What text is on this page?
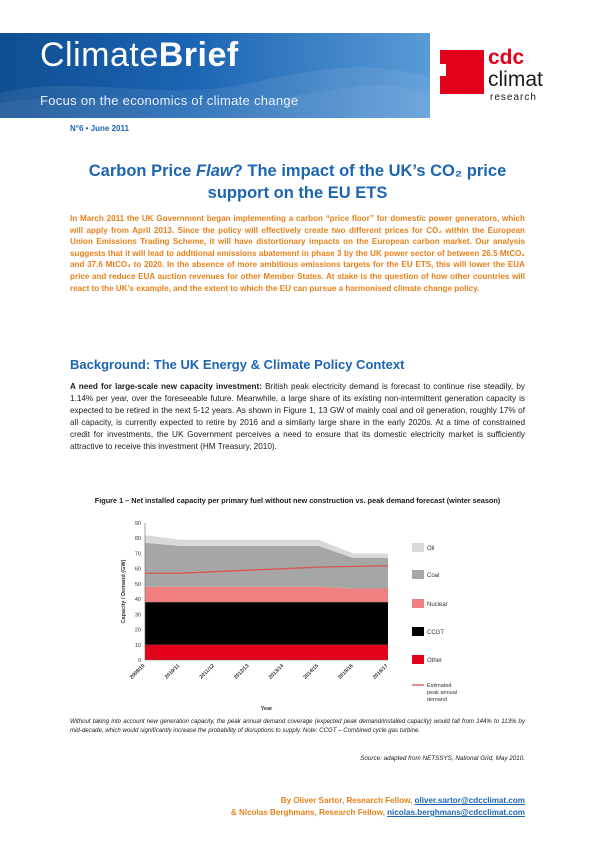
ClimateBrief
Focus on the economics of climate change
cdc
climat
research
N°6 • June 2011
Carbon Price Flaw? The impact of the UK’s CO₂ price support on the EU ETS
In March 2011 the UK Government began implementing a carbon “price floor” for domestic power generators, which will apply from April 2013. Since the policy will effectively create two different prices for CO₂ within the European Union Emissions Trading Scheme, it will have distortionary impacts on the European carbon market. Our analysis suggests that it will lead to additional emissions abatement in phase 3 by the UK power sector of between 26.5 MtCO₂ and 37.6 MtCO₂ to 2020. In the absence of more ambitious emissions targets for the EU ETS, this will lower the EUA price and reduce EUA auction revenues for other Member States. At stake is the question of how other countries will react to the UK’s example, and the extent to which the EU can pursue a harmonised climate change policy.
Background: The UK Energy & Climate Policy Context
A need for large-scale new capacity investment: British peak electricity demand is forecast to continue rise steadily, by 1.14% per year, over the foreseeable future. Meanwhile, a large share of its existing non-intermittent generation capacity is expected to be retired in the next 5-12 years. As shown in Figure 1, 13 GW of mainly coal and oil generation, roughly 17% of all capacity, is currently expected to retire by 2016 and a similarly large share in the early 2020s. At a time of constrained credit for investments, the UK Government perceives a need to ensure that its domestic electricity market is sufficiently attractive to receive this investment (HM Treasury, 2010).
Figure 1 – Net installed capacity per primary fuel without new construction vs. peak demand forecast (winter season)
0
10
20
30
40
50
60
70
80
90
2009/10	2010/11	2011/12	2012/13	2013/14	2014/15	2015/16	2016/17
Capacity / Demand (GW)
Year
Oil
Coal
Nuclear
CCGT
Other
Estimated
peak annual
demand
Without taking into account new generation capacity, the peak annual demand coverage (expected peak demand/installed capacity) would fall from 144% to 113% by mid-decade, which would significantly increase the probability of disruptions to supply. Note: CCGT – Combined cycle gas turbine.
Source: adapted from NETSSYS, National Grid, May 2010.
By Oliver Sartor, Research Fellow, oliver.sartor@cdcclimat.com
& Nicolas Berghmans, Research Fellow, nicolas.berghmans@cdcclimat.com
